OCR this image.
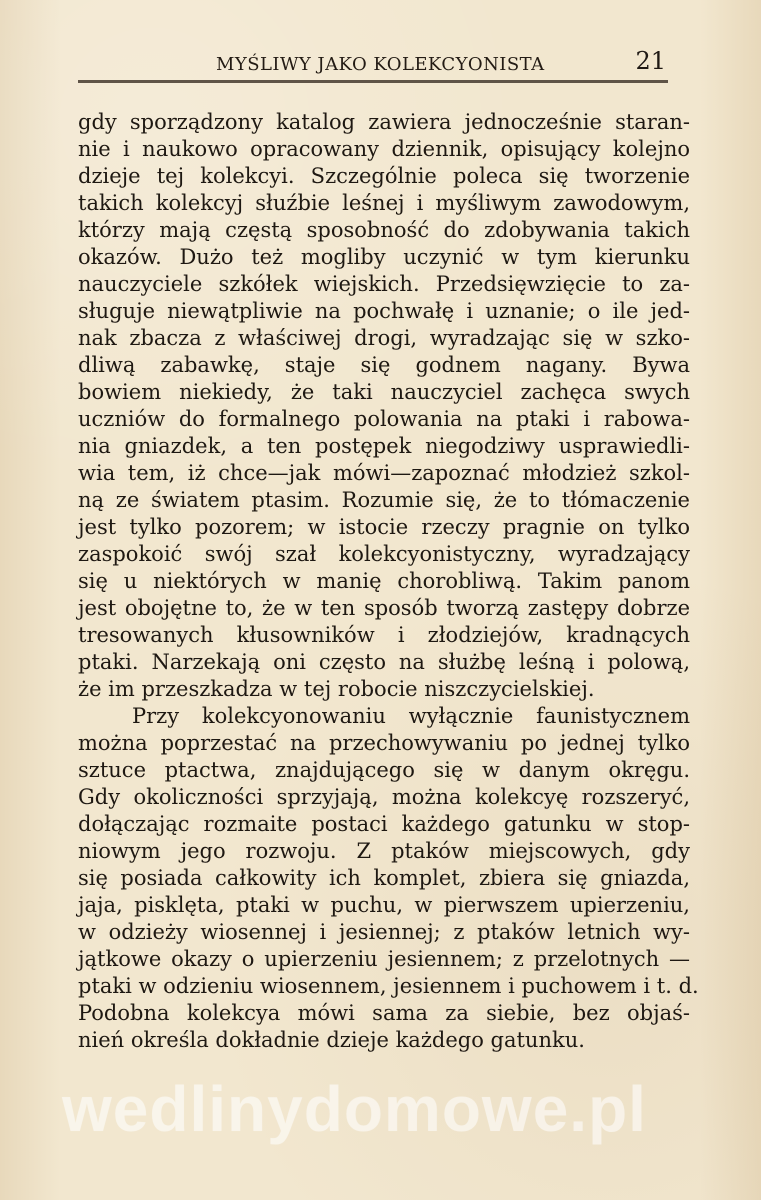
MYŚLIWY JAKO KOLEKCYONISTA	21
gdy sporządzony katalog zawiera jednocześnie staran-
nie i naukowo opracowany dziennik, opisujący kolejno
dzieje tej kolekcyi. Szczególnie poleca się tworzenie
takich kolekcyj słuźbie leśnej i myśliwym zawodowym,
którzy mają częstą sposobność do zdobywania takich
okazów. Dużo też mogliby uczynić w tym kierunku
nauczyciele szkółek wiejskich. Przedsięwzięcie to za-
sługuje niewątpliwie na pochwałę i uznanie; o ile jed-
nak zbacza z właściwej drogi, wyradzając się w szko-
dliwą zabawkę, staje się godnem nagany. Bywa
bowiem niekiedy, że taki nauczyciel zachęca swych
uczniów do formalnego polowania na ptaki i rabowa-
nia gniazdek, a ten postępek niegodziwy usprawiedli-
wia tem, iż chce—jak mówi—zapoznać młodzież szkol-
ną ze światem ptasim. Rozumie się, że to tłómaczenie
jest tylko pozorem; w istocie rzeczy pragnie on tylko
zaspokoić swój szał kolekcyonistyczny, wyradzający
się u niektórych w manię chorobliwą. Takim panom
jest obojętne to, że w ten sposób tworzą zastępy dobrze
tresowanych kłusowników i złodziejów, kradnących
ptaki. Narzekają oni często na służbę leśną i polową,
że im przeszkadza w tej robocie niszczycielskiej.
Przy kolekcyonowaniu wyłącznie faunistycznem
można poprzestać na przechowywaniu po jednej tylko
sztuce ptactwa, znajdującego się w danym okręgu.
Gdy okoliczności sprzyjają, można kolekcyę rozszeryć,
dołączając rozmaite postaci każdego gatunku w stop-
niowym jego rozwoju. Z ptaków miejscowych, gdy
się posiada całkowity ich komplet, zbiera się gniazda,
jaja, pisklęta, ptaki w puchu, w pierwszem upierzeniu,
w odzieży wiosennej i jesiennej; z ptaków letnich wy-
jątkowe okazy o upierzeniu jesiennem; z przelotnych —
ptaki w odzieniu wiosennem, jesiennem i puchowem i t. d.
Podobna kolekcya mówi sama za siebie, bez objaś-
nień określa dokładnie dzieje każdego gatunku.
wedlinydomowe.pl
